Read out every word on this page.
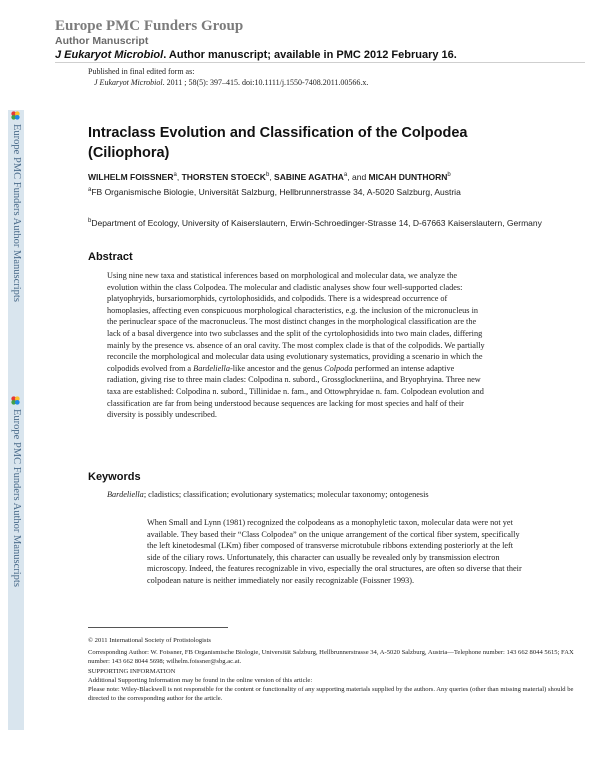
Europe PMC Funders Group
Author Manuscript
J Eukaryot Microbiol. Author manuscript; available in PMC 2012 February 16.
Europe PMC Funders Author Manuscripts
Europe PMC Funders Author Manuscripts
Published in final edited form as:
J Eukaryot Microbiol. 2011 ; 58(5): 397–415. doi:10.1111/j.1550-7408.2011.00566.x.
Intraclass Evolution and Classification of the Colpodea
(Ciliophora)
WILHELM FOISSNER$^a$, THORSTEN STOECK$^b$, SABINE AGATHA$^a$, and MICAH DUNTHORN$^b$
$^a$FB Organismische Biologie, Universität Salzburg, Hellbrunnerstrasse 34, A-5020 Salzburg, Austria
$^b$Department of Ecology, University of Kaiserslautern, Erwin-Schroedinger-Strasse 14, D-67663 Kaiserslautern, Germany
Abstract
Using nine new taxa and statistical inferences based on morphological and molecular data, we analyze the evolution within the class Colpodea. The molecular and cladistic analyses show four well-supported clades: platyophryids, bursariomorphids, cyrtolophosidids, and colpodids. There is a widespread occurrence of homoplasies, affecting even conspicuous morphological characteristics, e.g. the inclusion of the micronucleus in the perinuclear space of the macronucleus. The most distinct changes in the morphological classification are the lack of a basal divergence into two subclasses and the split of the cyrtolophosidids into two main clades, differing mainly by the presence vs. absence of an oral cavity. The most complex clade is that of the colpodids. We partially reconcile the morphological and molecular data using evolutionary systematics, providing a scenario in which the colpodids evolved from a Bardeliella-like ancestor and the genus Colpoda performed an intense adaptive radiation, giving rise to three main clades: Colpodina n. subord., Grossglockneriina, and Bryophryina. Three new taxa are established: Colpodina n. subord., Tillinidae n. fam., and Ottowphryidae n. fam. Colpodean evolution and classification are far from being understood because sequences are lacking for most species and half of their diversity is possibly undescribed.
Keywords
Bardeliella; cladistics; classification; evolutionary systematics; molecular taxonomy; ontogenesis
When Small and Lynn (1981) recognized the colpodeans as a monophyletic taxon, molecular data were not yet available. They based their “Class Colpodea” on the unique arrangement of the cortical fiber system, specifically the left kinetodesmal (LKm) fiber composed of transverse microtubule ribbons extending posteriorly at the left side of the ciliary rows. Unfortunately, this character can usually be revealed only by transmission electron microscopy. Indeed, the features recognizable in vivo, especially the oral structures, are often so diverse that their colpodean nature is neither immediately nor easily recognizable (Foissner 1993).

© 2011 International Society of Protistologists

Corresponding Author: W. Foissner, FB Organismische Biologie, Universität Salzburg, Hellbrunnerstrasse 34, A-5020 Salzburg, Austria—Telephone number: 143 662 8044 5615; FAX number: 143 662 8044 5698; wilhelm.foissner@sbg.ac.at.

SUPPORTING INFORMATION

Additional Supporting Information may be found in the online version of this article:

Please note: Wiley-Blackwell is not responsible for the content or functionality of any supporting materials supplied by the authors. Any queries (other than missing material) should be directed to the corresponding author for the article.
